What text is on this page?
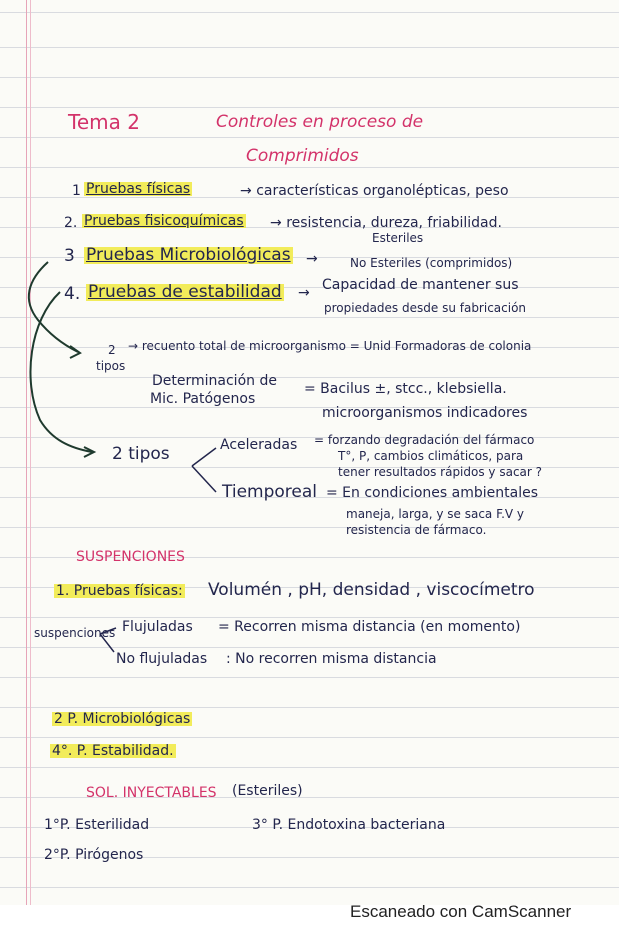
Tema 2	Controles en proceso de
Comprimidos
1 Pruebas físicas	→ características organolépticas, peso
2. Pruebas fisicoquímicas → resistencia, dureza, friabilidad.
3 Pruebas Microbiológicas →
Esteriles
No Esteriles (comprimidos)
4. Pruebas de estabilidad → Capacidad de mantener sus
propiedades desde su fabricación
2
tipos
→ recuento total de microorganismo = Unid Formadoras de colonia
Determinación de
Mic. Patógenos
= Bacilus ±, stcc., klebsiella.
microorganismos indicadores
2 tipos	Aceleradas = forzando degradación del fármaco
T°, P, cambios climáticos, para
tener resultados rápidos y sacar ?
Tiemporeal = En condiciones ambientales
maneja, larga, y se saca F.V y
resistencia de fármaco.
SUSPENCIONES
1. Pruebas físicas: Volumén , pH, densidad , viscocímetro
suspenciones Flujuladas = Recorren misma distancia (en momento)
No flujuladas : No recorren misma distancia
2 P. Microbiológicas
4°. P. Estabilidad.
SOL. INYECTABLES (Esteriles)
1°P. Esterilidad	3° P. Endotoxina bacteriana
2°P. Pirógenos
Escaneado con CamScanner
